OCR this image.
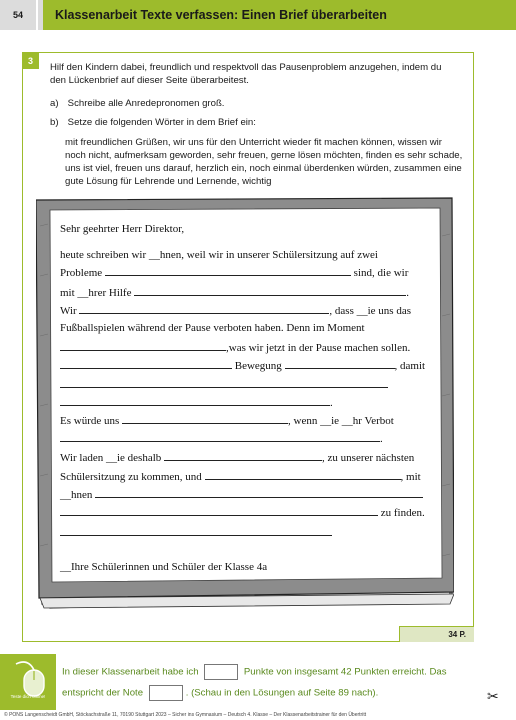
54	Klassenarbeit Texte verfassen: Einen Brief überarbeiten
3
Hilf den Kindern dabei, freundlich und respektvoll das Pausenproblem anzugehen, indem du den Lückenbrief auf dieser Seite überarbeitest.
a) Schreibe alle Anredepronomen groß.
b) Setze die folgenden Wörter in dem Brief ein:
mit freundlichen Grüßen, wir uns für den Unterricht wieder fit machen können, wissen wir noch nicht, aufmerksam geworden, sehr freuen, gerne lösen möchten, finden es sehr schade, uns ist viel, freuen uns darauf, herzlich ein, noch einmal überdenken würden, zusammen eine gute Lösung für Lehrende und Lernende, wichtig
Sehr geehrter Herr Direktor,
heute schreiben wir __hnen, weil wir in unserer Schülersitzung auf zwei
Probleme	sind, die wir
mit __hrer Hilfe	.
Wir	, dass __ie uns das
Fußballspielen während der Pause verboten haben. Denn im Moment
,was wir jetzt in der Pause machen sollen.
Bewegung	, damit
.
Es würde uns	, wenn __ie __hr Verbot
.
Wir laden __ie deshalb	, zu unserer nächsten
Schülersitzung zu kommen, und	, mit
__hnen
zu finden.
__Ihre Schülerinnen und Schüler der Klasse 4a
34 P.
Teste dich online!
In dieser Klassenarbeit habe ich	Punkte von insgesamt 42 Punkten erreicht. Das
entspricht der Note	. (Schau in den Lösungen auf Seite 89 nach).	✂
© PONS Langenscheidt GmbH, Stöckachstraße 11, 70190 Stuttgart 2023 – Sicher ins Gymnasium – Deutsch 4. Klasse – Der Klassenarbeitstrainer für den Übertritt
